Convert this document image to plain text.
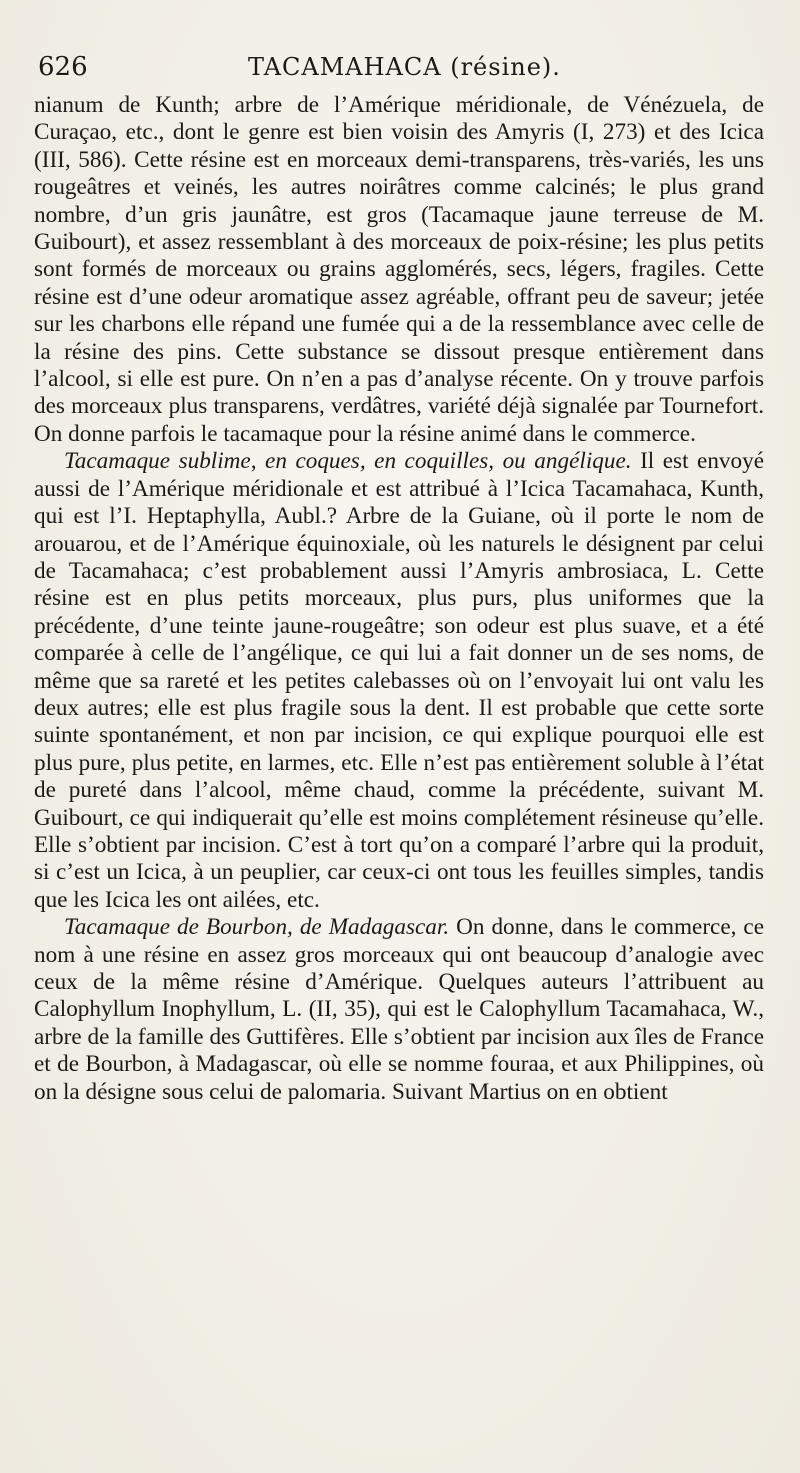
626	TACAMAHACA (résine).

nianum de Kunth; arbre de l’Amérique méridionale, de Vénézuela, de Curaçao, etc., dont le genre est bien voisin des Amyris (I, 273) et des Icica (III, 586). Cette résine est en morceaux demi-transparens, très-variés, les uns rougeâtres et veinés, les autres noirâtres comme calcinés; le plus grand nombre, d’un gris jaunâtre, est gros (Tacamaque jaune terreuse de M. Guibourt), et assez ressemblant à des morceaux de poix-résine; les plus petits sont formés de morceaux ou grains agglomérés, secs, légers, fragiles. Cette résine est d’une odeur aromatique assez agréable, offrant peu de saveur; jetée sur les charbons elle répand une fumée qui a de la ressemblance avec celle de la résine des pins. Cette substance se dissout presque entièrement dans l’alcool, si elle est pure. On n’en a pas d’analyse récente. On y trouve parfois des morceaux plus transparens, verdâtres, variété déjà signalée par Tournefort. On donne parfois le tacamaque pour la résine animé dans le commerce.

Tacamaque sublime, en coques, en coquilles, ou angélique. Il est envoyé aussi de l’Amérique méridionale et est attribué à l’Icica Tacamahaca, Kunth, qui est l’I. Heptaphylla, Aubl.? Arbre de la Guiane, où il porte le nom de arouarou, et de l’Amérique équinoxiale, où les naturels le désignent par celui de Tacamahaca; c’est probablement aussi l’Amyris ambrosiaca, L. Cette résine est en plus petits morceaux, plus purs, plus uniformes que la précédente, d’une teinte jaune-rougeâtre; son odeur est plus suave, et a été comparée à celle de l’angélique, ce qui lui a fait donner un de ses noms, de même que sa rareté et les petites calebasses où on l’envoyait lui ont valu les deux autres; elle est plus fragile sous la dent. Il est probable que cette sorte suinte spontanément, et non par incision, ce qui explique pourquoi elle est plus pure, plus petite, en larmes, etc. Elle n’est pas entièrement soluble à l’état de pureté dans l’alcool, même chaud, comme la précédente, suivant M. Guibourt, ce qui indiquerait qu’elle est moins complétement résineuse qu’elle. Elle s’obtient par incision. C’est à tort qu’on a comparé l’arbre qui la produit, si c’est un Icica, à un peuplier, car ceux-ci ont tous les feuilles simples, tandis que les Icica les ont ailées, etc.

Tacamaque de Bourbon, de Madagascar. On donne, dans le commerce, ce nom à une résine en assez gros morceaux qui ont beaucoup d’analogie avec ceux de la même résine d’Amérique. Quelques auteurs l’attribuent au Calophyllum Inophyllum, L. (II, 35), qui est le Calophyllum Tacamahaca, W., arbre de la famille des Guttifères. Elle s’obtient par incision aux îles de France et de Bourbon, à Madagascar, où elle se nomme fouraa, et aux Philippines, où on la désigne sous celui de palomaria. Suivant Martius on en obtient
